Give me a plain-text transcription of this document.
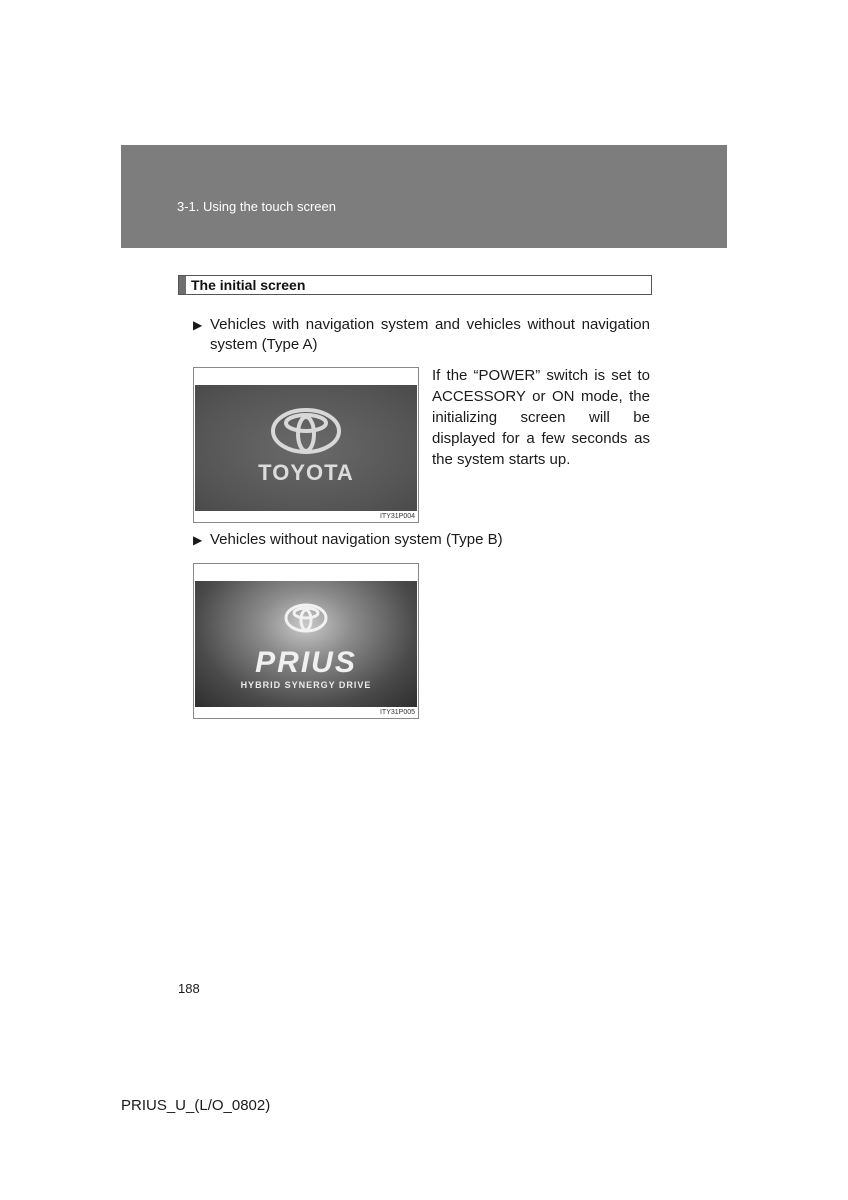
3-1. Using the touch screen
The initial screen
▶ Vehicles with navigation system and vehicles without navigation system (Type A)
TOYOTA
ITY31P004
If the “POWER” switch is set to ACCESSORY or ON mode, the initializing screen will be displayed for a few seconds as the system starts up.
▶ Vehicles without navigation system (Type B)
PRIUS
HYBRID SYNERGY DRIVE
ITY31P005
188
PRIUS_U_(L/O_0802)
